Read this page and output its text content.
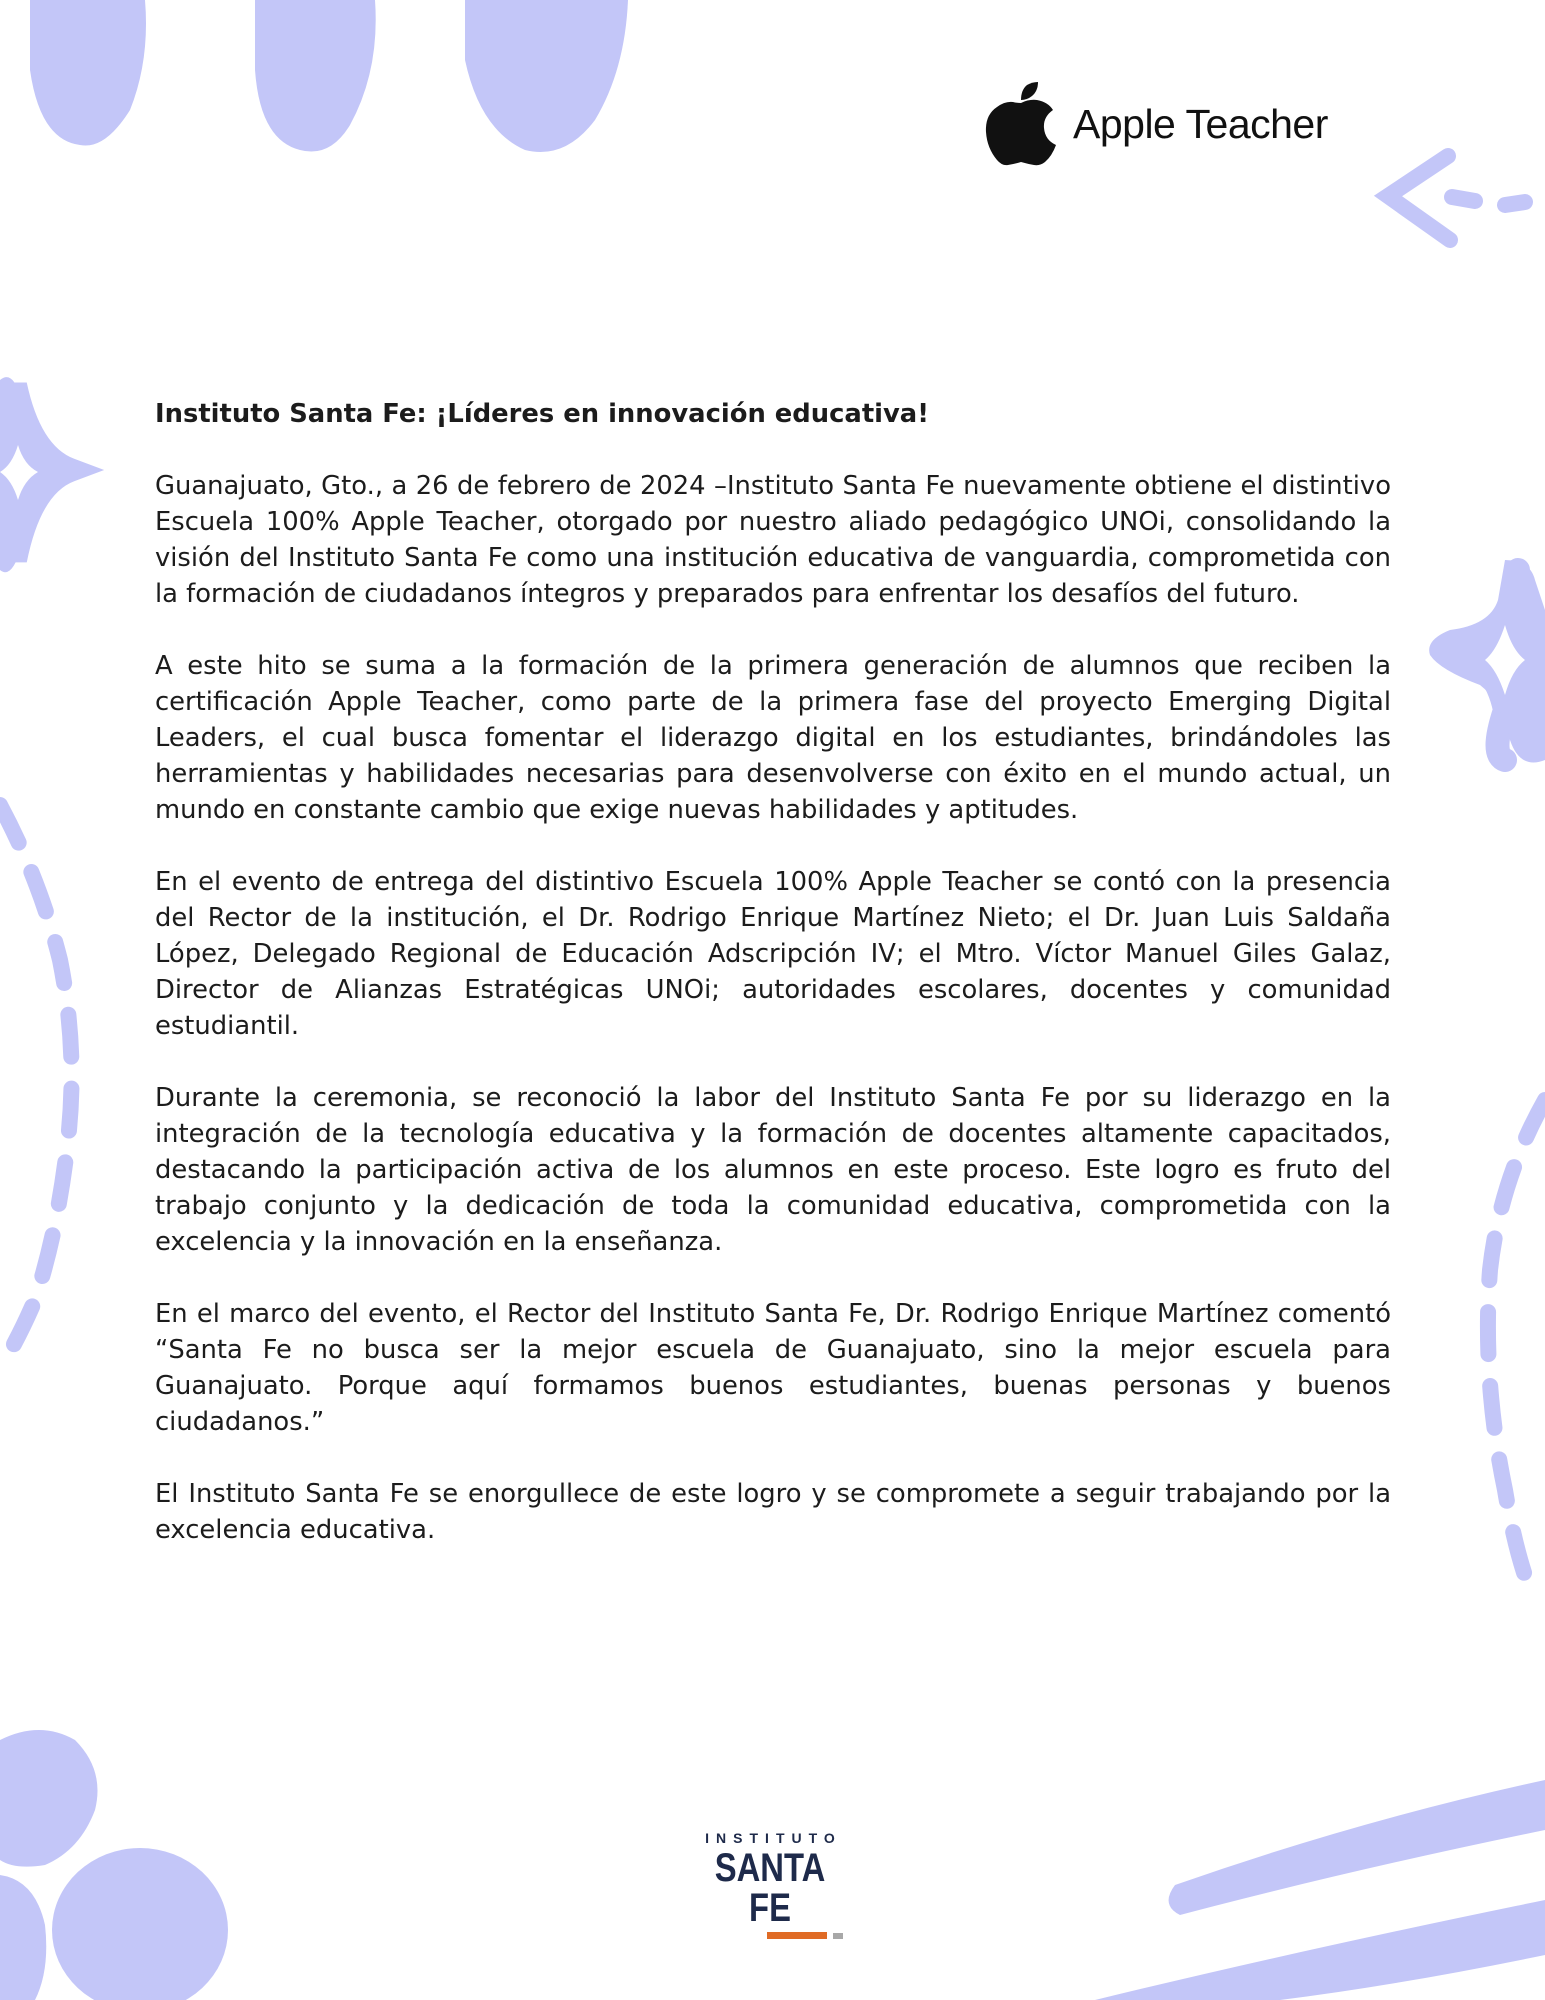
Apple Teacher
Instituto Santa Fe: ¡Líderes en innovación educativa!

Guanajuato, Gto., a 26 de febrero de 2024 –Instituto Santa Fe nuevamente obtiene el distintivo Escuela 100% Apple Teacher, otorgado por nuestro aliado pedagógico UNOi, consolidando la visión del Instituto Santa Fe como una institución educativa de vanguardia, comprometida con la formación de ciudadanos íntegros y preparados para enfrentar los desafíos del futuro.

A este hito se suma a la formación de la primera generación de alumnos que reciben la certificación Apple Teacher, como parte de la primera fase del proyecto Emerging Digital Leaders, el cual busca fomentar el liderazgo digital en los estudiantes, brindándoles las herramientas y habilidades necesarias para desenvolverse con éxito en el mundo actual, un mundo en constante cambio que exige nuevas habilidades y aptitudes.

En el evento de entrega del distintivo Escuela 100% Apple Teacher se contó con la presencia del Rector de la institución, el Dr. Rodrigo Enrique Martínez Nieto; el Dr. Juan Luis Saldaña López, Delegado Regional de Educación Adscripción IV; el Mtro. Víctor Manuel Giles Galaz, Director de Alianzas Estratégicas UNOi; autoridades escolares, docentes y comunidad estudiantil.

Durante la ceremonia, se reconoció la labor del Instituto Santa Fe por su liderazgo en la integración de la tecnología educativa y la formación de docentes altamente capacitados, destacando la participación activa de los alumnos en este proceso. Este logro es fruto del trabajo conjunto y la dedicación de toda la comunidad educativa, comprometida con la excelencia y la innovación en la enseñanza.

En el marco del evento, el Rector del Instituto Santa Fe, Dr. Rodrigo Enrique Martínez comentó “Santa Fe no busca ser la mejor escuela de Guanajuato, sino la mejor escuela para Guanajuato. Porque aquí formamos buenos estudiantes, buenas personas y buenos ciudadanos.”

El Instituto Santa Fe se enorgullece de este logro y se compromete a seguir trabajando por la excelencia educativa.

INSTITUTO
SANTA FE
